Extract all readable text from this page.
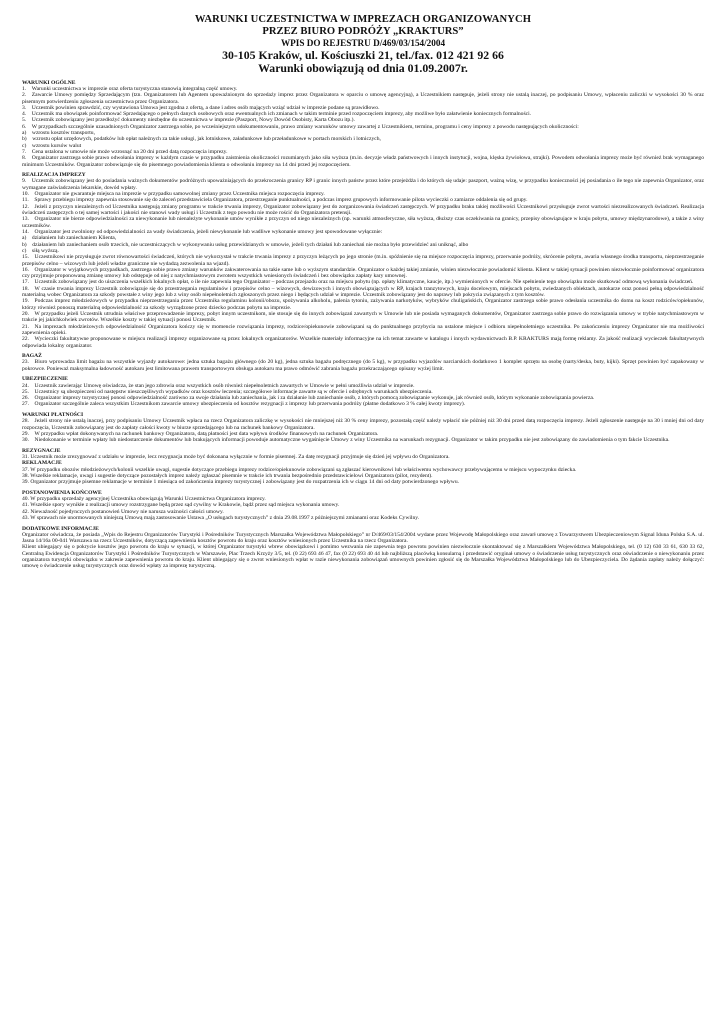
WARUNKI UCZESTNICTWA W IMPREZACH ORGANIZOWANYCH
PRZEZ BIURO PODRÓŻY „KRAKTURS”
WPIS DO REJESTRU D/469/03/154/2004
30-105 Kraków, ul. Kościuszki 21, tel./fax. 012 421 92 66
Warunki obowiązują od dnia 01.09.2007r.
WARUNKI OGÓLNE
1. Warunki uczestnictwa w imprezie oraz oferta turystyczna stanowią integralną część umowy.
2. Zawarcie Umowy pomiędzy Sprzedającym (tzn. Organizatorem lub Agentem upoważnionym do sprzedaży imprez przez Organizatora w oparciu o umowę agencyjną), a Uczestnikiem następuje, jeżeli strony nie ustalą inaczej, po podpisaniu Umowy, wpłaceniu zaliczki w wysokości 30 % oraz pisemnym potwierdzeniu zgłoszenia uczestnictwa przez Organizatora.
3. Uczestnik powinien sprawdzić, czy wystawiona Umowa jest zgodna z ofertą, a dane i adres osób mających wziąć udział w imprezie podane są prawidłowo.
4. Uczestnik ma obowiązek poinformować Sprzedającego o pełnych danych osobowych oraz ewentualnych ich zmianach w takim terminie przed rozpoczęciem imprezy, aby możliwe było załatwienie koniecznych formalności.
5. Uczestnik zobowiązany jest przedłożyć dokumenty niezbędne do uczestnictwa w imprezie (Paszport, Nowy Dowód Osobisty, Karta Obozu itp.).
6. W przypadkach szczególnie uzasadnionych Organizator zastrzega sobie, po wcześniejszym udokumentowaniu, prawo zmiany warunków umowy zawartej z Uczestnikiem, terminu, programu i ceny imprezy z powodu następujących okoliczności:
a) wzrostu kosztów transportu,
b) wzrostu opłat urzędowych, podatków lub opłat należnych za takie usługi, jak lotniskowe, załadunkowe lub przeładunkowe w portach morskich i lotniczych,
c) wzrostu kursów walut
7. Cena ustalona w umowie nie może wzrosnąć na 20 dni przed datą rozpoczęcia imprezy.
8. Organizator zastrzega sobie prawo odwołania imprezy w każdym czasie w przypadku zaistnienia okoliczności rozumianych jako siła wyższa (m.in. decyzje władz państwowych i innych instytucji, wojna, klęska żywiołowa, strajki). Powodem odwołania imprezy może być również brak wymaganego minimum Uczestników. Organizator zobowiązuje się do pisemnego powiadomienia klienta o odwołaniu imprezy na 14 dni przed jej rozpoczęciem.
REALIZACJA IMPREZY
9. Uczestnik zobowiązany jest do posiadania ważnych dokumentów podróżnych upoważniających do przekroczenia granicy RP i granic innych państw przez które przejeżdża i do których się udaje: paszport, ważną wizę, w przypadku konieczności jej posiadania o ile tego nie zapewnia Organizator, oraz wymagane zaświadczenia lekarskie, dowód wpłaty.
10. Organizator nie gwarantuje miejsca na imprezie w przypadku samowolnej zmiany przez Uczestnika miejsca rozpoczęcia imprezy.
11. Sprawy przebiegu imprezy zapewnia stosowanie się do zaleceń przedstawiciela Organizatora, przestrzeganie punktualności, a podczas imprez grupowych informowanie pilota wycieczki o zamiarze oddalenia się od grupy.
12. Jeżeli z przyczyn niezależnych od Uczestnika następują zmiany programu w trakcie trwania imprezy, Organizator zobowiązany jest do zorganizowania świadczeń zastępczych. W przypadku braku takiej możliwości Uczestnikowi przysługuje zwrot wartości niezrealizowanych świadczeń. Realizacja świadczeń zastępczych o tej samej wartości i jakości nie stanowi wady usługi i Uczestnik z tego powodu nie może rościć do Organizatora pretensji.
13. Organizator nie bierze odpowiedzialności za niewykonanie lub nienależyte wykonanie umów wynikłe z przyczyn od niego niezależnych (np. warunki atmosferyczne, siła wyższa, dłuższy czas oczekiwania na granicy, przepisy obowiązujące w kraju pobytu, umowy międzynarodowe), a także z winy uczestników.
14. Organizator jest zwolniony od odpowiedzialności za wady świadczenia, jeżeli niewykonanie lub wadliwe wykonanie umowy jest spowodowane wyłącznie:
a) działaniem lub zaniechaniem Klienta,
b) działaniem lub zaniechaniem osób trzecich, nie uczestniczących w wykonywaniu usług przewidzianych w umowie, jeżeli tych działań lub zaniechań nie można było przewidzieć ani uniknąć, albo
c) siłą wyższą.
15. Uczestnikowi nie przysługuje zwrot równowartości świadczeń, których nie wykorzystał w trakcie trwania imprezy z przyczyn leżących po jego stronie (m.in. spóźnienie się na miejsce rozpoczęcia imprezy, przerwanie podróży, skrócenie pobytu, awaria własnego środka transportu, nieprzestrzeganie przepisów celno – wizowych lub jeżeli władze graniczne nie wydadzą zezwolenia na wjazd).
16. Organizator w wyjątkowych przypadkach, zastrzega sobie prawo zmiany warunków zakwaterowania na takie same lub o wyższym standardzie. Organizator o każdej takiej zmianie, winien niezwłocznie powiadomić klienta. Klient w takiej sytuacji powinien niezwłocznie poinformować organizatora czy przyjmuje proponowaną zmianę umowy lub odstępuje od niej z natychmiastowym zwrotem wszystkich wniesionych świadczeń i bez obowiązku zapłaty kary umownej.
17. Uczestnik zobowiązany jest do uiszczenia wszelkich lokalnych opłat, o ile nie zapewnia tego Organizator – podczas przejazdu oraz na miejscu pobytu (np. opłaty klimatyczne, kaucje, itp.) wymienionych w ofercie. Nie spełnienie tego obowiązku może skutkować odmową wykonania świadczeń.
18. W czasie trwania imprezy Uczestnik zobowiązuje się do przestrzegania regulaminów i przepisów celno – wizowych, dewizowych i innych obowiązujących w RP, krajach tranzytowych, kraju docelowym, miejscach pobytu, zwiedzanych obiektach, autokarze oraz ponosi pełną odpowiedzialność materialną wobec Organizatora za szkody powstałe z winy jego lub z winy osób niepełnoletnich zgłoszonych przez niego i będących udział w imprezie. Uczestnik zobowiązany jest do naprawy lub pokrycia związanych z tym kosztów.
19. Podczas imprez młodzieżowych w przypadku nieprzestrzegania przez Uczestnika regulaminu kolonii/obozu, spożywania alkoholu, palenia tytoniu, zażywania narkotyków, wybryków chuligańskich, Organizator zastrzega sobie prawo odesłania uczestnika do domu na koszt rodziców/opiekunów, którzy również ponoszą materialną odpowiedzialność za szkody wyrządzone przez dziecko podczas pobytu na imprezie.
20. W przypadku jeżeli Uczestnik utrudnia właściwe przeprowadzenie imprezy, pobyt innym uczestnikom, nie stosuje się do innych zobowiązań zawartych w Umowie lub nie posiada wymaganych dokumentów, Organizator zastrzega sobie prawo do rozwiązania umowy w trybie natychmiastowym w trakcie jej jakichkolwiek zwrotów. Wszelkie koszty w takiej sytuacji ponosi Uczestnik.
21. Na imprezach młodzieżowych odpowiedzialność Organizatora kończy się w momencie rozwiązania imprezy, rodzice/opiekunowie zobowiązani są do punktualnego przybycia na ustalone miejsce i odbioru niepełnoletniego uczestnika. Po zakończeniu imprezy Organizator nie ma możliwości zapewnienia opieki.
22. Wycieczki fakultatywne proponowane w miejscu realizacji imprezy organizowane są przez lokalnych organizatorów. Wszelkie materiały informacyjne na ich temat zawarte w katalogu i innych wydawnictwach B.P. KRAKTURS mają formę reklamy. Za jakość realizacji wycieczek fakultatywnych odpowiada lokalny organizator.
BAGAŻ
23. Biuro wprowadza limit bagażu na wszystkie wyjazdy autokarowe: jedna sztuka bagażu głównego (do 20 kg), jedna sztuka bagażu podręcznego (do 5 kg), w przypadku wyjazdów narciarskich dodatkowo 1 komplet sprzętu na osobę (narty/deska, buty, kijki). Sprzęt powinien być zapakowany w pokrowce. Ponieważ maksymalna ładowność autokaru jest limitowana prawem transportowym obsługa autokaru ma prawo odmówić zabrania bagażu przekraczającego opisany wyżej limit.
UBEZPIECZENIE
24. Uczestnik zawierając Umowę oświadcza, że stan jego zdrowia oraz wszystkich osób również niepełnoletnich zawartych w Umowie w pełni umożliwia udział w imprezie.
25. Uczestnicy są ubezpieczeni od następstw nieszczęśliwych wypadków oraz kosztów leczenia; szczegółowe informacje zawarte są w ofercie i odrębnych warunkach ubezpieczenia.
26. Organizator imprezy turystycznej ponosi odpowiedzialność zarówno za swoje działania lub zaniechania, jak i za działanie lub zaniechanie osób, z których pomocą zobowiązanie wykonuje, jak również osób, którym wykonanie zobowiązania powierza.
27. Organizator szczególnie zaleca wszystkim Uczestnikom zawarcie umowy ubezpieczenia od kosztów rezygnacji z imprezy lub przerwania podróży (płatne dodatkowo 3 % całej kwoty imprezy).
WARUNKI PŁATNOŚCI
28. Jeżeli strony nie ustalą inaczej, przy podpisaniu Umowy Uczestnik wpłaca na rzecz Organizatora zaliczkę w wysokości nie mniejszej niż 30 % ceny imprezy, pozostałą część należy wpłacić nie później niż 30 dni przed datą rozpoczęcia imprezy. Jeżeli zgłoszenie następuje na 30 i mniej dni od daty rozpoczęcia, Uczestnik zobowiązany jest do zapłaty całości kwoty w biurze sprzedającego lub na rachunek bankowy Organizatora.
29. W przypadku wpłat dokonywanych na rachunek bankowy Organizatora, datą płatności jest data wpływu środków finansowych na rachunek Organizatora.
30. Niedokonanie w terminie wpłaty lub niedostarczenie dokumentów lub brakujących informacji powoduje automatyczne wygaśnięcie Umowy z winy Uczestnika na warunkach rezygnacji. Organizator w takim przypadku nie jest zobowiązany do zawiadomienia o tym fakcie Uczestnika.
REZYGNACJE
31. Uczestnik może zrezygnować z udziału w imprezie, lecz rezygnacja może być dokonana wyłącznie w formie pisemnej. Za datę rezygnacji przyjmuje się dzień jej wpływu do Organizatora.
REKLAMACJE
37. W przypadku obozów młodzieżowych/kolonii wszelkie uwagi, sugestie dotyczące przebiegu imprezy rodzice/opiekunowie zobowiązani są zgłaszać kierownikowi lub właściwemu wychowawcy przebywającemu w miejscu wypoczynku dziecka.
38. Wszelkie reklamacje, uwagi i sugestie dotyczące pozostałych imprez należy zgłaszać pisemnie w trakcie ich trwania bezpośrednio przedstawicielowi Organizatora (pilot, rezydent).
39. Organizator przyjmuje pisemne reklamacje w terminie 1 miesiąca od zakończenia imprezy turystycznej i zobowiązany jest do rozpatrzenia ich w ciągu 14 dni od daty potwierdzonego wpływu.
POSTANOWIENIA KOŃCOWE
40. W przypadku sprzedaży agencyjnej Uczestnika obowiązują Warunki Uczestnictwa Organizatora imprezy.
41. Wszelkie spory wynikłe z realizacji umowy rozstrzygane będą przez sąd cywilny w Krakowie, bądź przez sąd miejsca wykonania umowy.
42. Nieważność pojedynczych postanowień Umowy nie narusza ważności całości umowy.
43. W sprawach nie unormowanych niniejszą Umową mają zastosowanie Ustawa „O usługach turystycznych” z dnia 29.08.1997 z późniejszymi zmianami oraz Kodeks Cywilny.
DODATKOWE INFORMACJE
Organizator oświadcza, że posiada „Wpis do Rejestru Organizatorów Turystyki i Pośredników Turystycznych Marszałka Województwa Małopolskiego” nr D/469/03/154/2004 wydane przez Wojewodę Małopolskiego oraz zawarł umowę z Towarzystwem Ubezpieczeniowym Signal Iduna Polska S.A. ul. Jasna 14/16a 00-041 Warszawa na rzecz Uczestników, dotyczącą zapewnienia kosztów powrotu do kraju oraz kosztów wniesionych przez Uczestnika na rzecz Organizatora.
Klient ubiegający się o pokrycie kosztów jego powrotu do kraju w sytuacji, w której Organizator turystyki wbrew obowiązkowi i pomimo wezwania nie zapewnia tego powrotu powinien niezwłocznie skontaktować się z Marszałkiem Województwa Małopolskiego, tel. (0 12) 630 33 61, 630 33 62, Centralną Ewidencja Organizatorów Turystyki i Pośredników Turystycznych w Warszawie, Plac Trzech Krzyży 3/5, tel. (0 22) 693 46 47, fax (0 22) 693 40 44 lub najbliższą placówką konsularną i przedstawić oryginał umowy o świadczenie usług turystycznych oraz oświadczenie o niewykonaniu przez organizatora turystyki obowiązku w zakresie zapewnienia powrotu do kraju. Klient ubiegający się o zwrot wniesionych wpłat w razie niewykonania zobowiązań umownych powinien zgłosić się do Marszałka Województwa Małopolskiego lub do Ubezpieczyciela. Do żądania zapłaty należy dołączyć: umowę o świadczenie usług turystycznych oraz dowód wpłaty za imprezę turystyczną.
